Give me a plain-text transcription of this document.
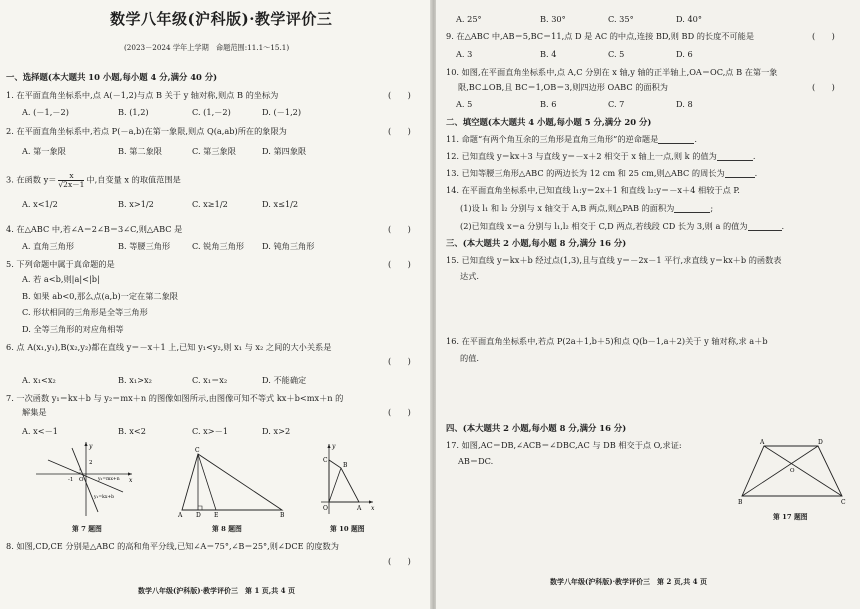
数学八年级(沪科版)·教学评价三
(2023－2024 学年上学期　命题范围:11.1～15.1)
一、选择题(本大题共 10 小题,每小题 4 分,满分 40 分)
1. 在平面直角坐标系中,点 A(－1,2)与点 B 关于 y 轴对称,则点 B 的坐标为	(　　)
A. (－1,－2)	B. (1,2)	C. (1,－2)	D. (－1,2)
2. 在平面直角坐标系中,若点 P(－a,b)在第一象限,则点 Q(a,ab)所在的象限为	(　　)
A. 第一象限	B. 第二象限	C. 第三象限	D. 第四象限
3. 在函数 $y= \frac{x}{√2x-1}$ 中,自变量 x 的取值范围是
A. x<1/2	B. x>1/2	C. x≥1/2	D. x≤1/2
4. 在△ABC 中,若∠A＝2∠B＝3∠C,则△ABC 是	(　　)
A. 直角三角形	B. 等腰三角形	C. 锐角三角形 D. 钝角三角形
5. 下列命题中属于真命题的是	(　　)
A. 若 a<b,则|a|<|b|
B. 如果 ab<0,那么点(a,b)一定在第二象限
C. 形状相同的三角形是全等三角形
D. 全等三角形的对应角相等
6. 点 A(x₁,y₁),B(x₂,y₂)都在直线 y＝－x＋1 上,已知 y₁<y₂,则 x₁ 与 x₂ 之间的大小关系是
(　　)
A. x₁<x₂	B. x₁>x₂	C. x₁＝x₂	D. 不能确定
7. 一次函数 y₁＝kx＋b 与 y₂＝mx＋n 的图像如图所示,由图像可知不等式 kx＋b<mx＋n 的
解集是	(　　)
A. x<－1	B. x<2	C. x>－1	D. x>2
y
x
O
-1
2
y₂=mx+n
y₁=kx+b
第 7 题图
C
A D E	B
第 8 题图
y
C
B
O	A x
第 10 题图
8. 如图,CD,CE 分别是△ABC 的高和角平分线,已知∠A＝75°,∠B＝25°,则∠DCE 的度数为
(　　)
数学八年级(沪科版)·教学评价三　第 1 页,共 4 页
A. 25°	B. 30°	C. 35°	D. 40°
9. 在△ABC 中,AB＝5,BC＝11,点 D 是 AC 的中点,连接 BD,则 BD 的长度不可能是	(　　)
A. 3	B. 4	C. 5	D. 6
10. 如图,在平面直角坐标系中,点 A,C 分别在 x 轴,y 轴的正半轴上,OA＝OC,点 B 在第一象
限,BC⊥OB,且 BC＝1,OB＝3,则四边形 OABC 的面积为	(　　)
A. 5	B. 6	C. 7	D. 8
二、填空题(本大题共 4 小题,每小题 5 分,满分 20 分)
11. 命题“有两个角互余的三角形是直角三角形”的逆命题是	.
12. 已知直线 y＝kx＋3 与直线 y＝－x＋2 相交于 x 轴上一点,则 k 的值为	.
13. 已知等腰三角形△ABC 的两边长为 12 cm 和 25 cm,则△ABC 的周长为	.
14. 在平面直角坐标系中,已知直线 l₁:y＝2x＋1 和直线 l₂:y＝－x＋4 相较于点 P.
(1)设 l₁ 和 l₂ 分别与 x 轴交于 A,B 两点,则△PAB 的面积为	;
(2)已知直线 x＝a 分别与 l₁,l₂ 相交于 C,D 两点,若线段 CD 长为 3,则 a 的值为	.
三、(本大题共 2 小题,每小题 8 分,满分 16 分)
15. 已知直线 y＝kx＋b 经过点(1,3),且与直线 y＝－2x－1 平行,求直线 y＝kx＋b 的函数表
达式.
16. 在平面直角坐标系中,若点 P(2a＋1,b＋5)和点 Q(b－1,a＋2)关于 y 轴对称,求 a＋b
的值.
四、(本大题共 2 小题,每小题 8 分,满分 16 分)
17. 如图,AC＝DB,∠ACB＝∠DBC,AC 与 DB 相交于点 O,求证:
AB＝DC.
A	D
O
B	C
第 17 题图
数学八年级(沪科版)·教学评价三　第 2 页,共 4 页
